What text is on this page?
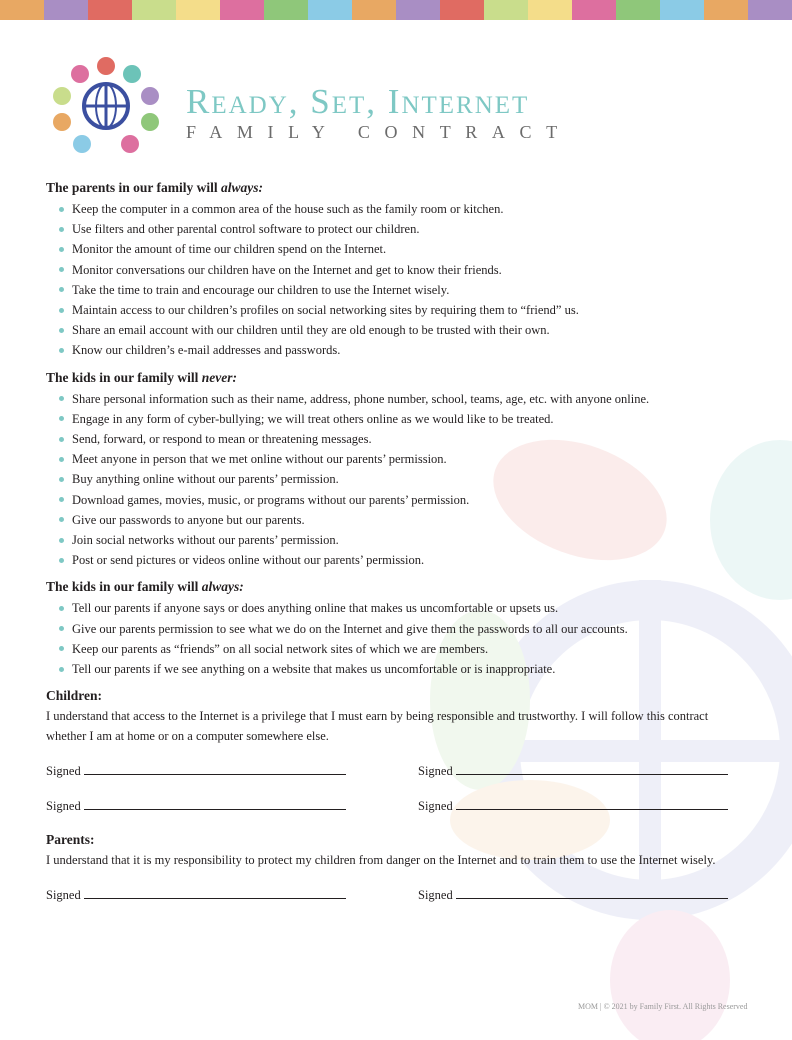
Ready, Set, Internet
FAMILY CONTRACT

The parents in our family will always:

Keep the computer in a common area of the house such as the family room or kitchen.
Use filters and other parental control software to protect our children.
Monitor the amount of time our children spend on the Internet.
Monitor conversations our children have on the Internet and get to know their friends.
Take the time to train and encourage our children to use the Internet wisely.
Maintain access to our children’s profiles on social networking sites by requiring them to “friend” us.
Share an email account with our children until they are old enough to be trusted with their own.
Know our children’s e-mail addresses and passwords.

The kids in our family will never:

Share personal information such as their name, address, phone number, school, teams, age, etc. with anyone online.
Engage in any form of cyber-bullying; we will treat others online as we would like to be treated.
Send, forward, or respond to mean or threatening messages.
Meet anyone in person that we met online without our parents’ permission.
Buy anything online without our parents’ permission.
Download games, movies, music, or programs without our parents’ permission.
Give our passwords to anyone but our parents.
Join social networks without our parents’ permission.
Post or send pictures or videos online without our parents’ permission.

The kids in our family will always:

Tell our parents if anyone says or does anything online that makes us uncomfortable or upsets us.
Give our parents permission to see what we do on the Internet and give them the passwords to all our accounts.
Keep our parents as “friends” on all social network sites of which we are members.
Tell our parents if we see anything on a website that makes us uncomfortable or is inappropriate.

Children:

I understand that access to the Internet is a privilege that I must earn by being responsible and trustworthy. I will follow this contract whether I am at home or on a computer somewhere else.

Signed	Signed
Signed	Signed

Parents:

I understand that it is my responsibility to protect my children from danger on the Internet and to train them to use the Internet wisely.

Signed	Signed
MOM | © 2021 by Family First. All Rights Reserved
